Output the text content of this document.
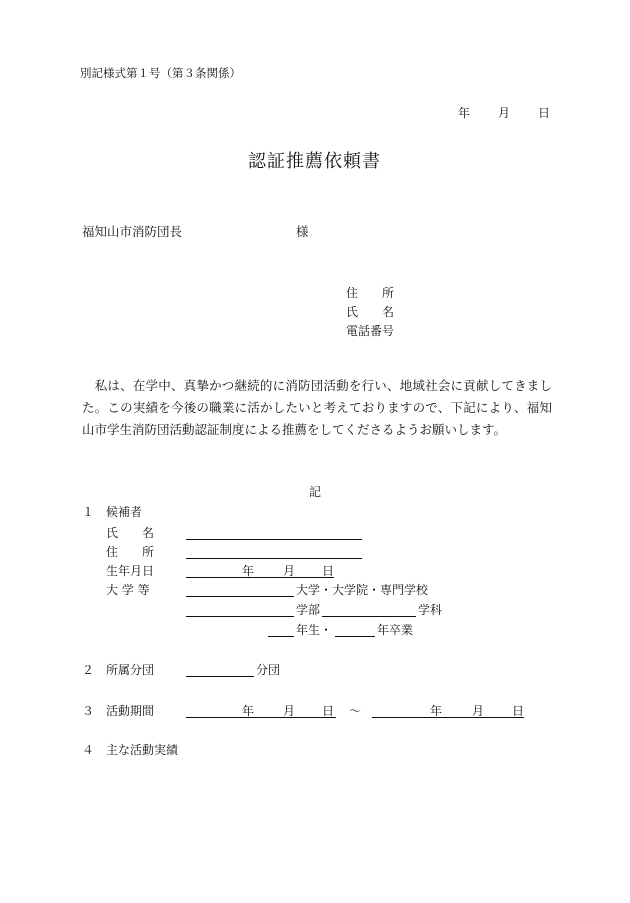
別記様式第１号（第３条関係）
年 月 日
認証推薦依頼書
福知山市消防団長	様
住　　所
氏　　名
電話番号
　私は、在学中、真摯かつ継続的に消防団活動を行い、地域社会に貢献してきました。この実績を今後の職業に活かしたいと考えておりますので、下記により、福知山市学生消防団活動認証制度による推薦をしてくださるようお願いします。
記
１ 候補者
氏　　名
住　　所
生年月日	年 月 日
大 学 等	大学・大学院・専門学校
学部	学科
年生・	年卒業
２ 所属分団	分団
３ 活動期間	年 月 日 ～	年 月 日
４ 主な活動実績
